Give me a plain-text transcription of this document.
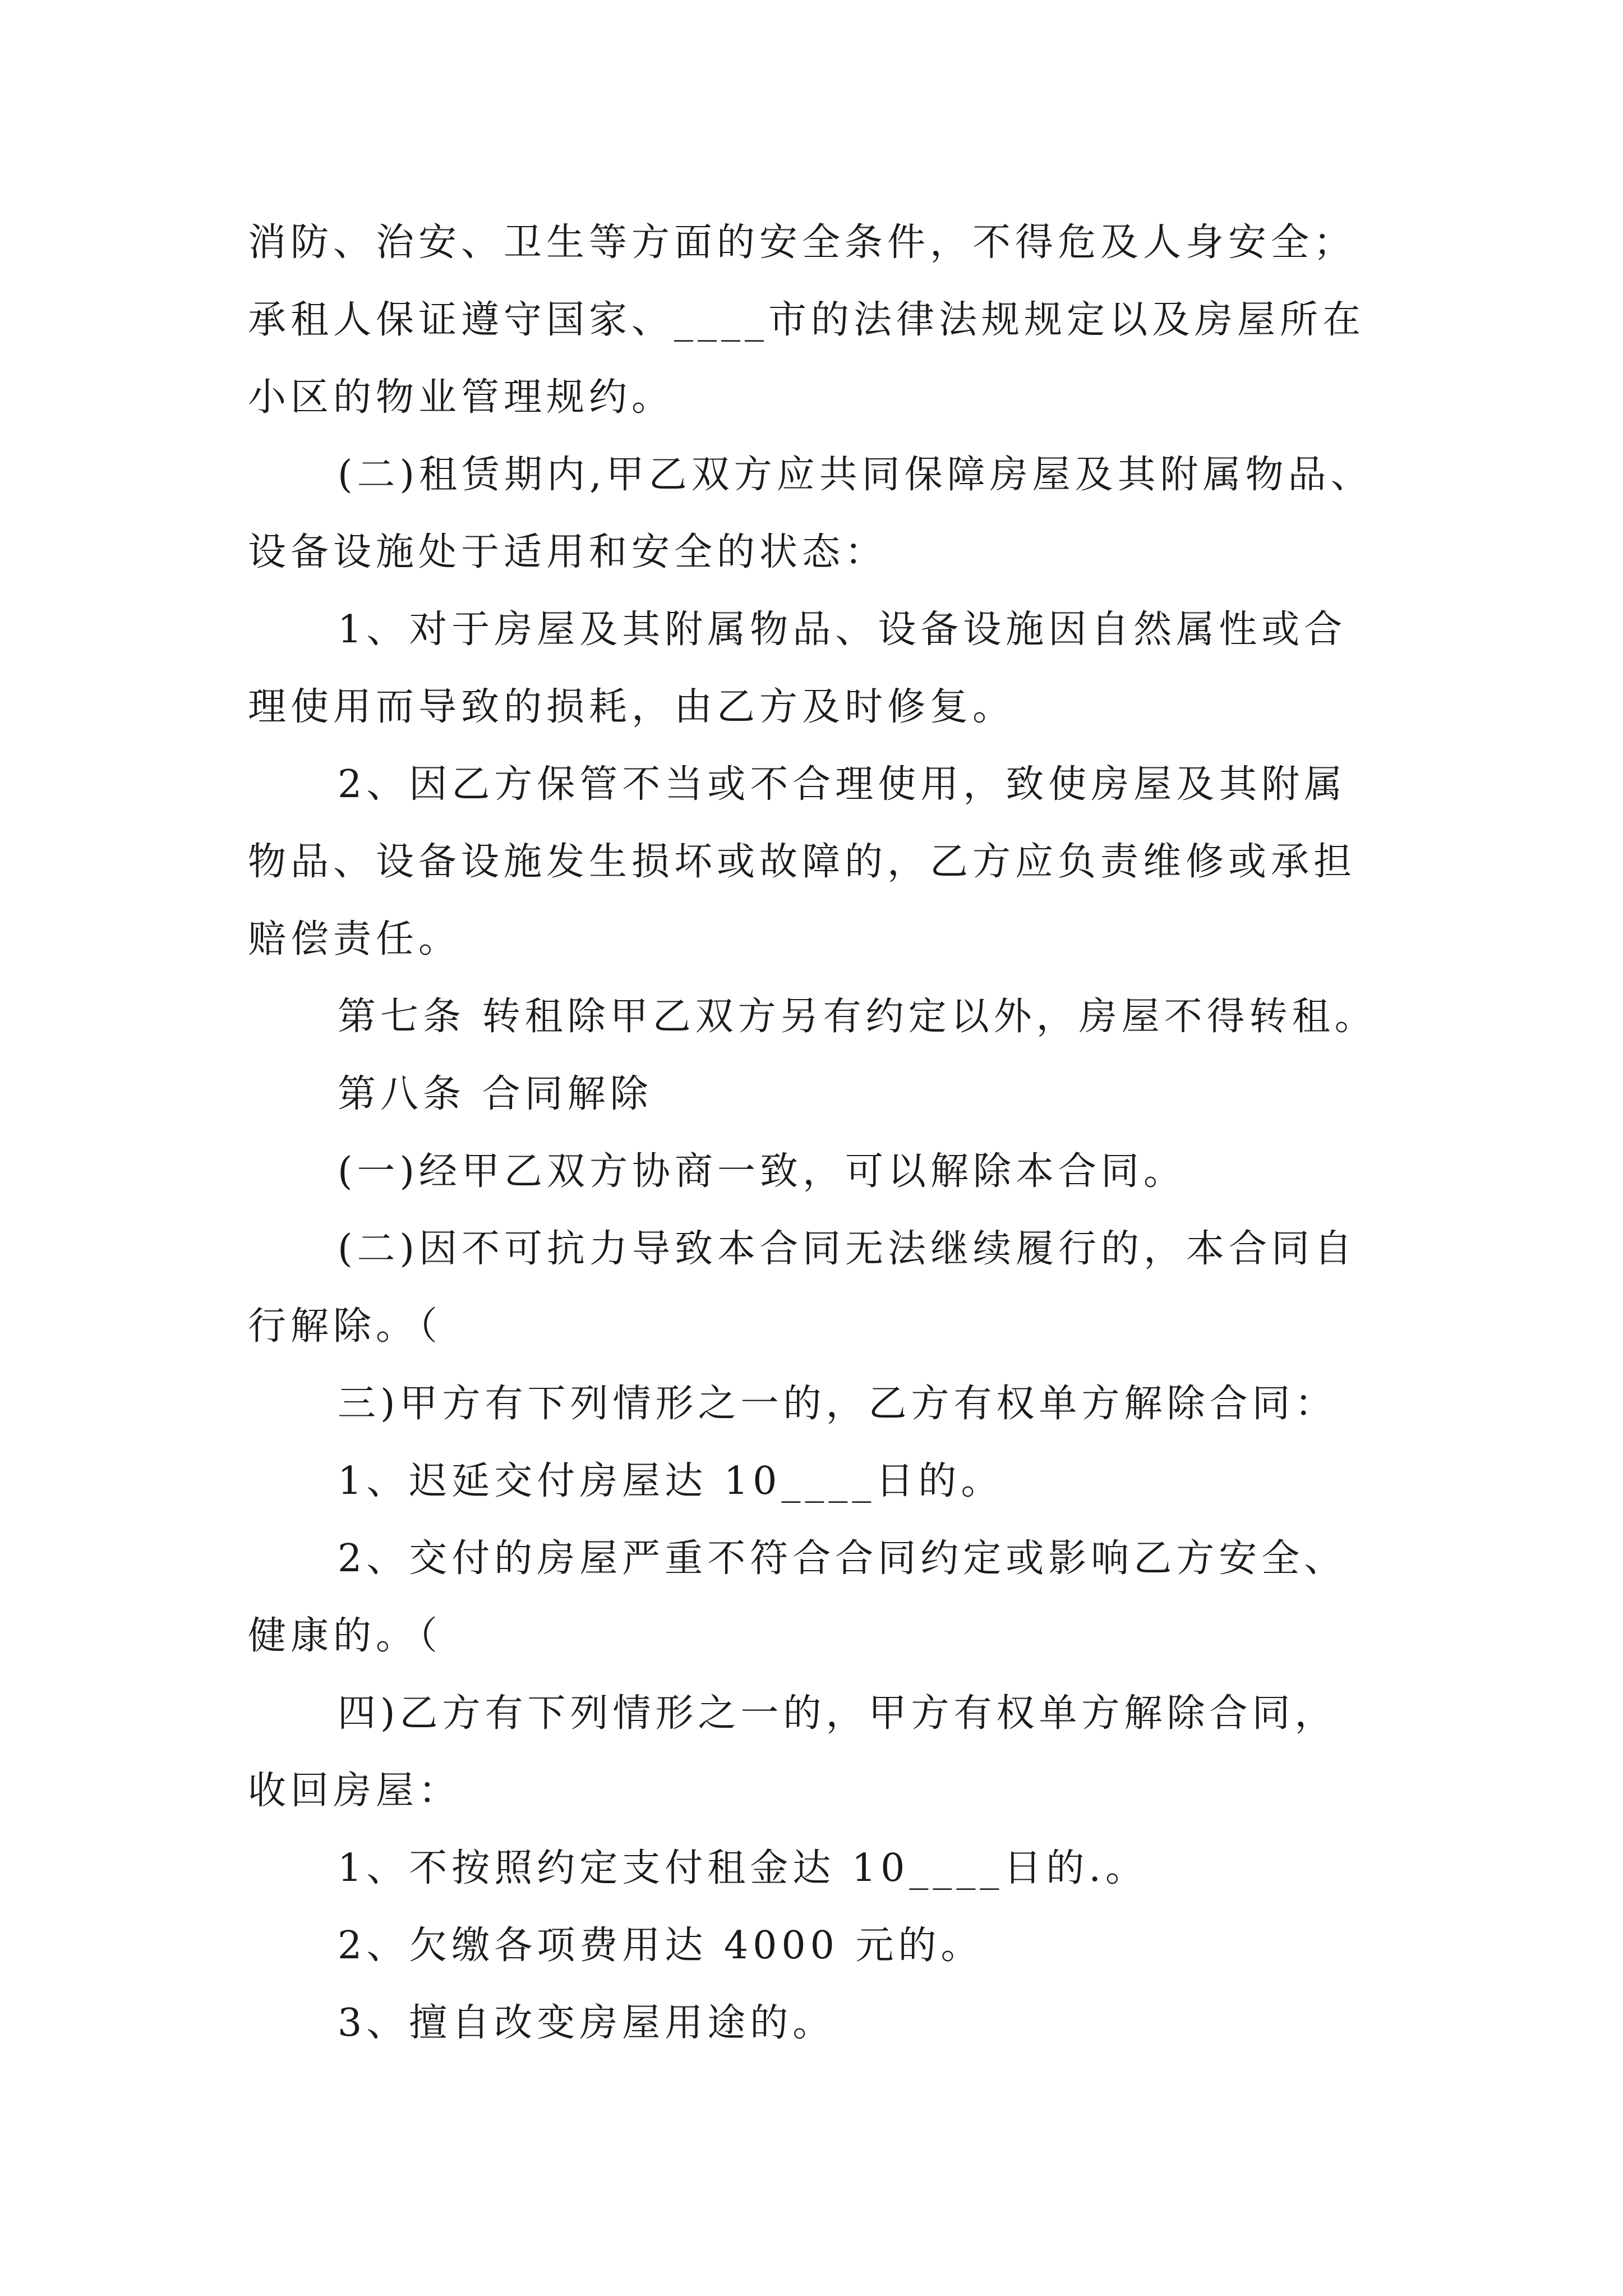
消防、治安、卫生等方面的安全条件，不得危及人身安全；
承租人保证遵守国家、____市的法律法规规定以及房屋所在
小区的物业管理规约。
(二)租赁期内,甲乙双方应共同保障房屋及其附属物品、
设备设施处于适用和安全的状态：
1、对于房屋及其附属物品、设备设施因自然属性或合
理使用而导致的损耗，由乙方及时修复。
2、因乙方保管不当或不合理使用，致使房屋及其附属
物品、设备设施发生损坏或故障的，乙方应负责维修或承担
赔偿责任。
第七条 转租除甲乙双方另有约定以外，房屋不得转租。
第八条 合同解除
(一)经甲乙双方协商一致，可以解除本合同。
(二)因不可抗力导致本合同无法继续履行的，本合同自
行解除。（
三)甲方有下列情形之一的，乙方有权单方解除合同：
1、迟延交付房屋达 10____日的。
2、交付的房屋严重不符合合同约定或影响乙方安全、
健康的。（
四)乙方有下列情形之一的，甲方有权单方解除合同，
收回房屋：
1、不按照约定支付租金达 10____日的.。
2、欠缴各项费用达 4000 元的。
3、擅自改变房屋用途的。
